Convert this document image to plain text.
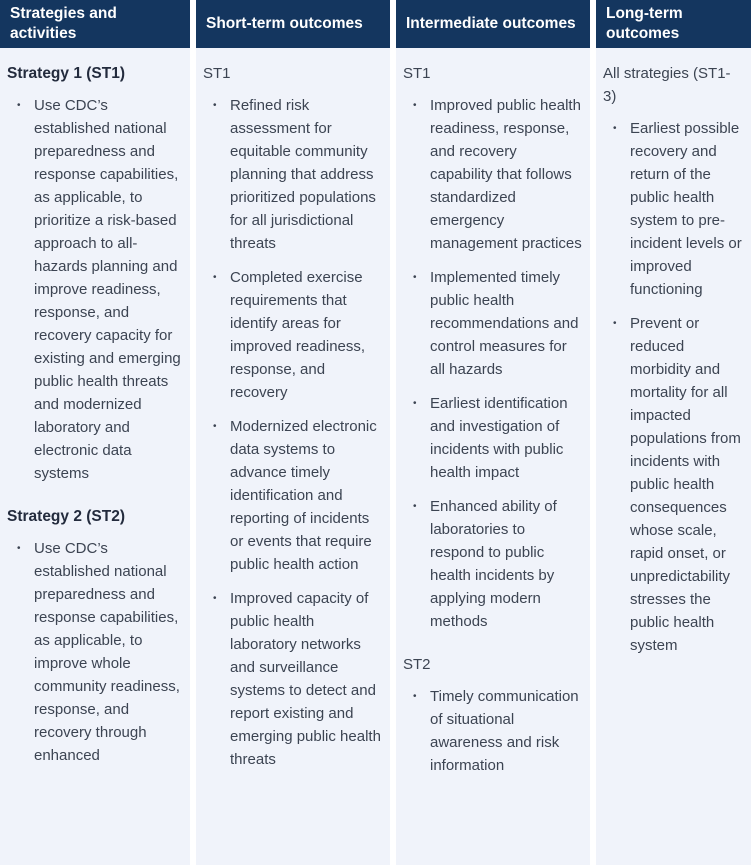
Strategies and activities
Strategy 1 (ST1)
• Use CDC’s established national preparedness and response capabilities, as applicable, to prioritize a risk-based approach to all-hazards planning and improve readiness, response, and recovery capacity for existing and emerging public health threats and modernized laboratory and electronic data systems
Strategy 2 (ST2)
• Use CDC’s established national preparedness and response capabilities, as applicable, to improve whole community readiness, response, and recovery through enhanced
Short-term outcomes
ST1
• Refined risk assessment for equitable community planning that address prioritized populations for all jurisdictional threats
• Completed exercise requirements that identify areas for improved readiness, response, and recovery
• Modernized electronic data systems to advance timely identification and reporting of incidents or events that require public health action
• Improved capacity of public health laboratory networks and surveillance systems to detect and report existing and emerging public health threats
Intermediate outcomes
ST1
• Improved public health readiness, response, and recovery capability that follows standardized emergency management practices
• Implemented timely public health recommendations and control measures for all hazards
• Earliest identification and investigation of incidents with public health impact
• Enhanced ability of laboratories to respond to public health incidents by applying modern methods
ST2
• Timely communication of situational awareness and risk information
Long-term outcomes
All strategies (ST1-3)
• Earliest possible recovery and return of the public health system to pre-incident levels or improved functioning
• Prevent or reduced morbidity and mortality for all impacted populations from incidents with public health consequences whose scale, rapid onset, or unpredictability stresses the public health system
